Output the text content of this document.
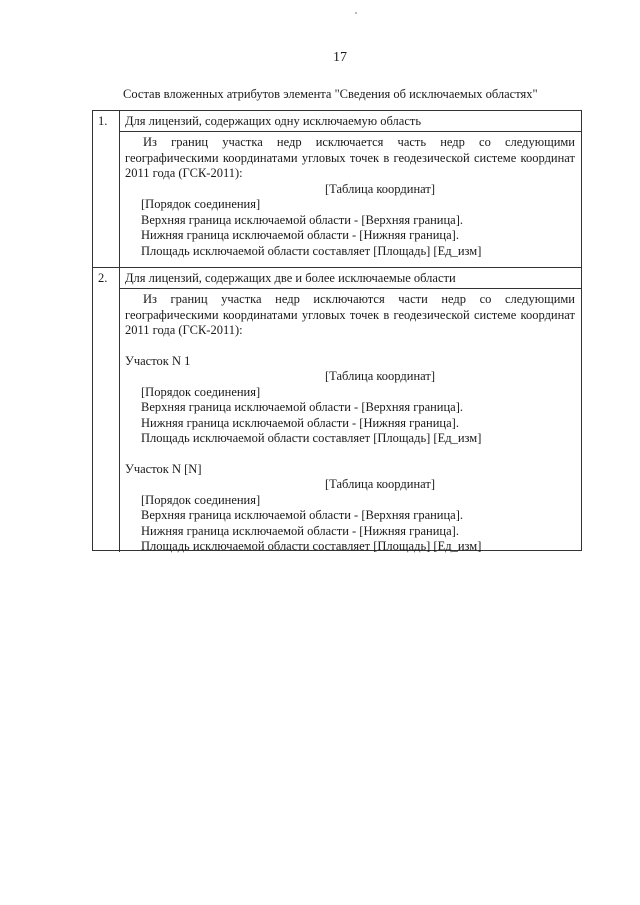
17
Состав вложенных атрибутов элемента "Сведения об исключаемых областях"
1. Для лицензий, содержащих одну исключаемую область

Из границ участка недр исключается часть недр со следующими географическими координатами угловых точек в геодезической системе координат 2011 года (ГСК-2011):

[Таблица координат]

[Порядок соединения]

Верхняя граница исключаемой области - [Верхняя граница].

Нижняя граница исключаемой области - [Нижняя граница].

Площадь исключаемой области составляет [Площадь] [Ед_изм]

2. Для лицензий, содержащих две и более исключаемые области

Из границ участка недр исключаются части недр со следующими географическими координатами угловых точек в геодезической системе координат 2011 года (ГСК-2011):

Участок N 1

[Таблица координат]

[Порядок соединения]

Верхняя граница исключаемой области - [Верхняя граница].

Нижняя граница исключаемой области - [Нижняя граница].

Площадь исключаемой области составляет [Площадь] [Ед_изм]

Участок N [N]

[Таблица координат]

[Порядок соединения]

Верхняя граница исключаемой области - [Верхняя граница].

Нижняя граница исключаемой области - [Нижняя граница].

Площадь исключаемой области составляет [Площадь] [Ед_изм]
